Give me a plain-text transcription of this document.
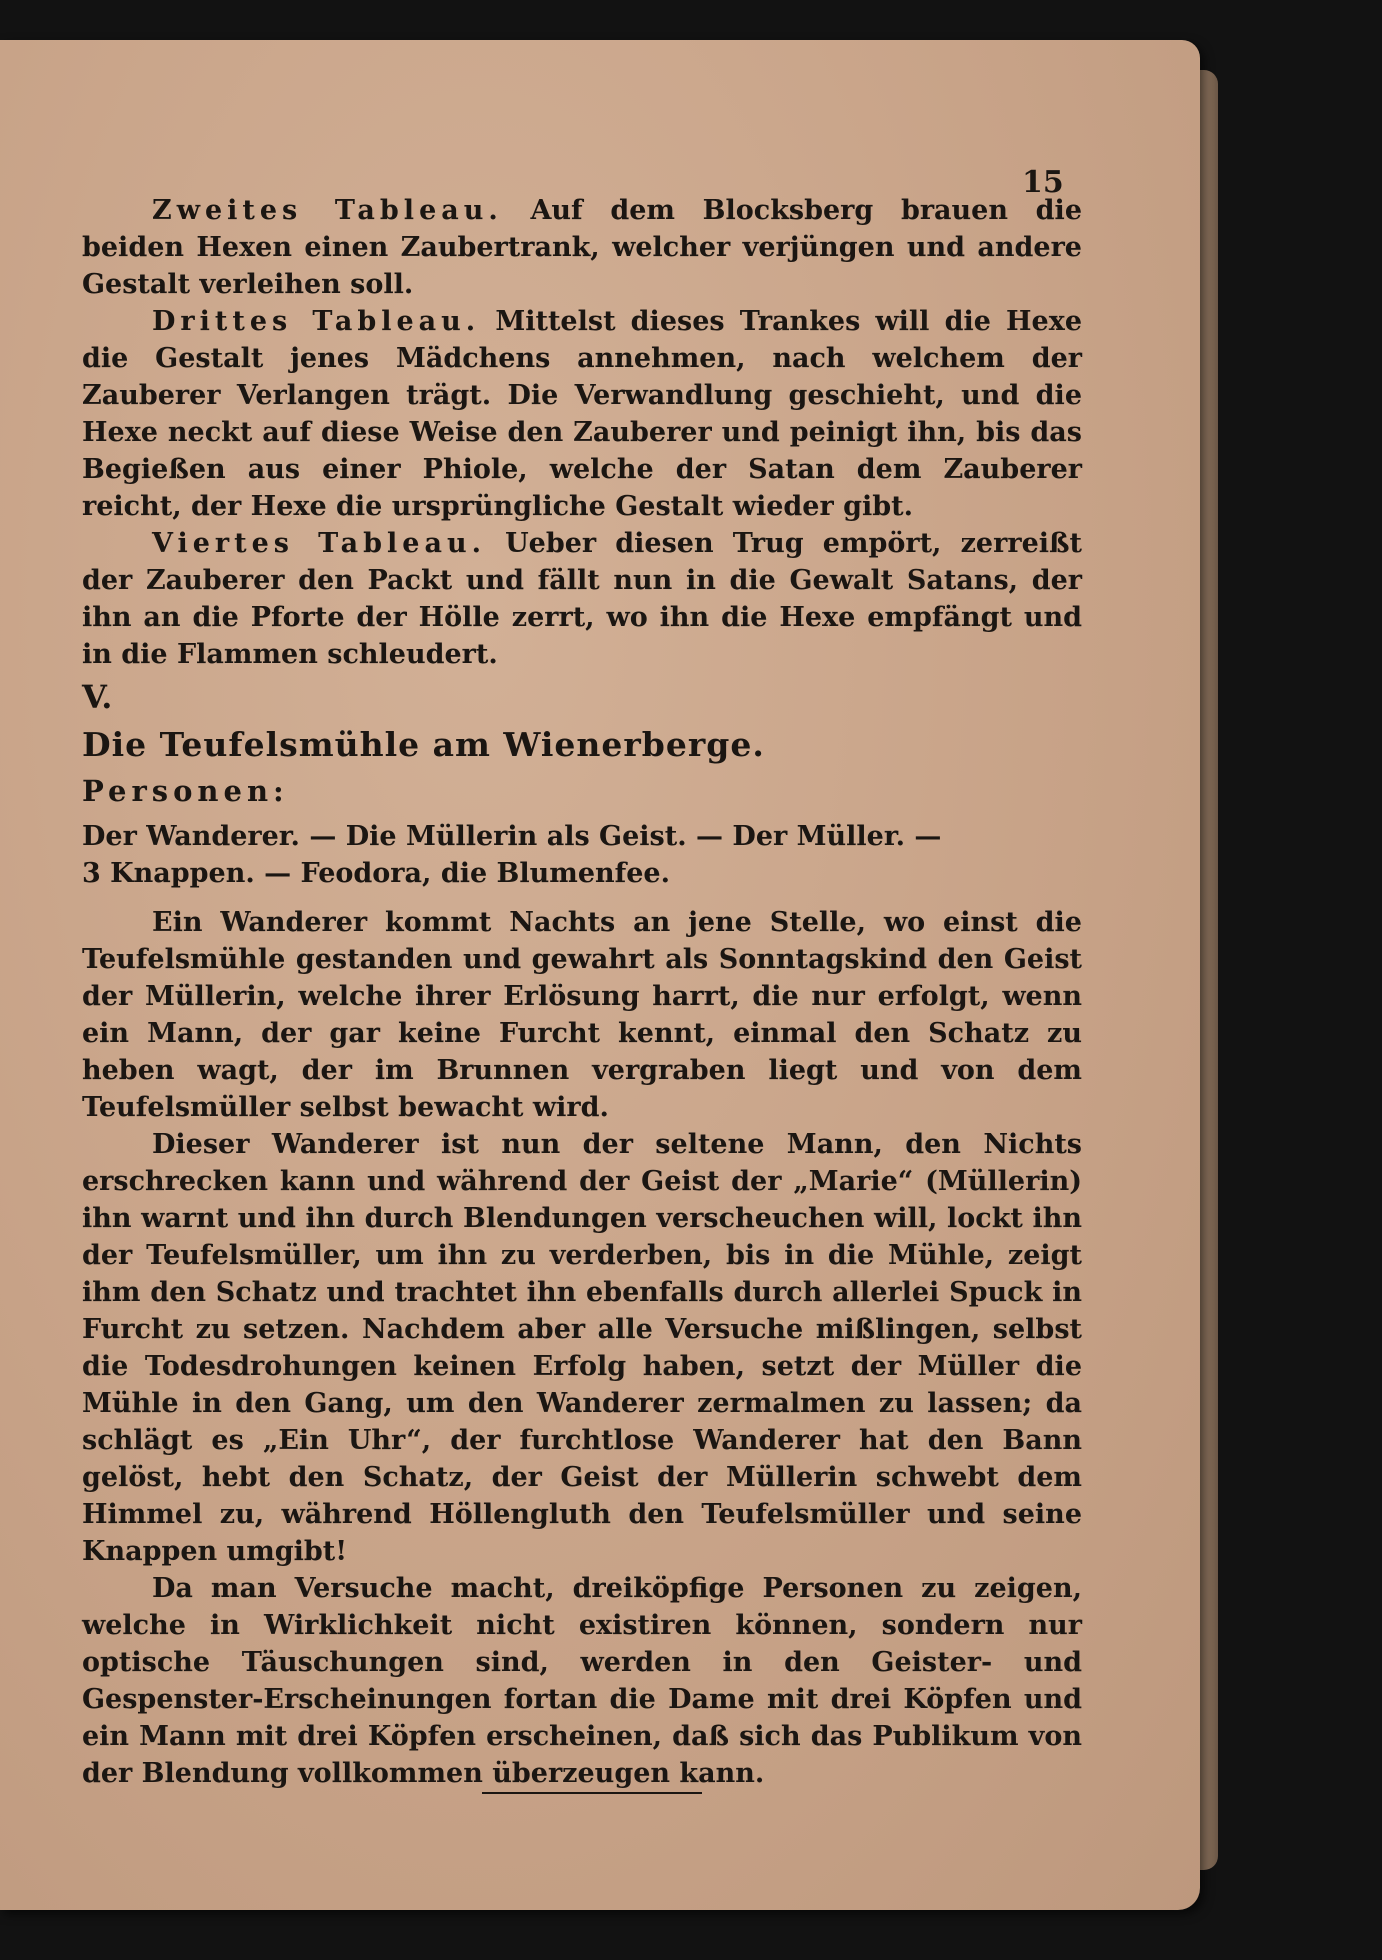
15

Zweites Tableau. Auf dem Blocksberg brauen die beiden Hexen einen Zaubertrank, welcher verjüngen und andere Gestalt verleihen soll.

Drittes Tableau. Mittelst dieses Trankes will die Hexe die Gestalt jenes Mädchens annehmen, nach welchem der Zauberer Verlangen trägt. Die Verwandlung geschieht, und die Hexe neckt auf diese Weise den Zauberer und peinigt ihn, bis das Begießen aus einer Phiole, welche der Satan dem Zauberer reicht, der Hexe die ursprüngliche Gestalt wieder gibt.

Viertes Tableau. Ueber diesen Trug empört, zerreißt der Zauberer den Packt und fällt nun in die Gewalt Satans, der ihn an die Pforte der Hölle zerrt, wo ihn die Hexe empfängt und in die Flammen schleudert.

V.

Die Teufelsmühle am Wienerberge.

Personen:

Der Wanderer. — Die Müllerin als Geist. — Der Müller. —

3 Knappen. — Feodora, die Blumenfee.

Ein Wanderer kommt Nachts an jene Stelle, wo einst die Teufelsmühle gestanden und gewahrt als Sonntagskind den Geist der Müllerin, welche ihrer Erlösung harrt, die nur erfolgt, wenn ein Mann, der gar keine Furcht kennt, einmal den Schatz zu heben wagt, der im Brunnen vergraben liegt und von dem Teufelsmüller selbst bewacht wird.

Dieser Wanderer ist nun der seltene Mann, den Nichts erschrecken kann und während der Geist der „Marie“ (Müllerin) ihn warnt und ihn durch Blendungen verscheuchen will, lockt ihn der Teufelsmüller, um ihn zu verderben, bis in die Mühle, zeigt ihm den Schatz und trachtet ihn ebenfalls durch allerlei Spuck in Furcht zu setzen. Nachdem aber alle Versuche mißlingen, selbst die Todesdrohungen keinen Erfolg haben, setzt der Müller die Mühle in den Gang, um den Wanderer zermalmen zu lassen; da schlägt es „Ein Uhr“, der furchtlose Wanderer hat den Bann gelöst, hebt den Schatz, der Geist der Müllerin schwebt dem Himmel zu, während Höllengluth den Teufelsmüller und seine Knappen umgibt!

Da man Versuche macht, dreiköpfige Personen zu zeigen, welche in Wirklichkeit nicht existiren können, sondern nur optische Täuschungen sind, werden in den Geister- und Gespenster-Erscheinungen fortan die Dame mit drei Köpfen und ein Mann mit drei Köpfen erscheinen, daß sich das Publikum von der Blendung vollkommen überzeugen kann.
